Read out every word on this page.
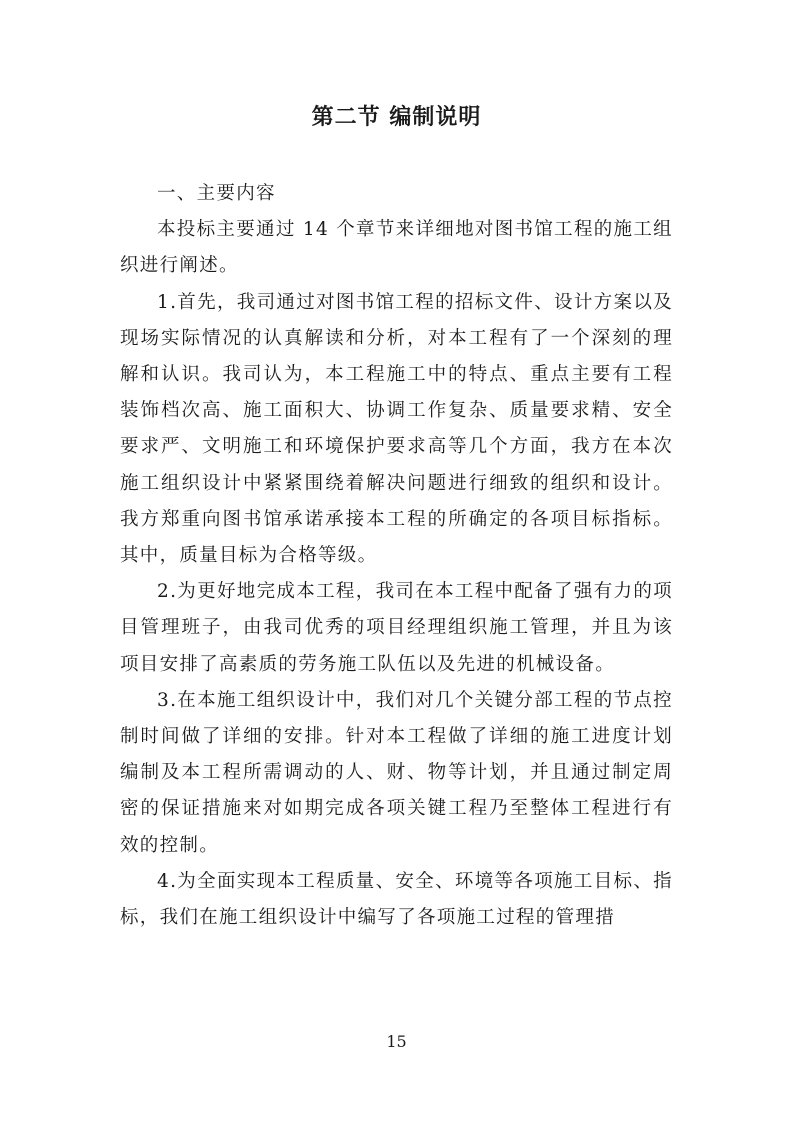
第二节 编制说明

一、主要内容

本投标主要通过 14 个章节来详细地对图书馆工程的施工组织进行阐述。

1.首先，我司通过对图书馆工程的招标文件、设计方案以及现场实际情况的认真解读和分析，对本工程有了一个深刻的理解和认识。我司认为，本工程施工中的特点、重点主要有工程装饰档次高、施工面积大、协调工作复杂、质量要求精、安全要求严、文明施工和环境保护要求高等几个方面，我方在本次施工组织设计中紧紧围绕着解决问题进行细致的组织和设计。我方郑重向图书馆承诺承接本工程的所确定的各项目标指标。其中，质量目标为合格等级。

2.为更好地完成本工程，我司在本工程中配备了强有力的项目管理班子，由我司优秀的项目经理组织施工管理，并且为该项目安排了高素质的劳务施工队伍以及先进的机械设备。

3.在本施工组织设计中，我们对几个关键分部工程的节点控制时间做了详细的安排。针对本工程做了详细的施工进度计划编制及本工程所需调动的人、财、物等计划，并且通过制定周密的保证措施来对如期完成各项关键工程乃至整体工程进行有效的控制。

4.为全面实现本工程质量、安全、环境等各项施工目标、指标，我们在施工组织设计中编写了各项施工过程的管理措

15
